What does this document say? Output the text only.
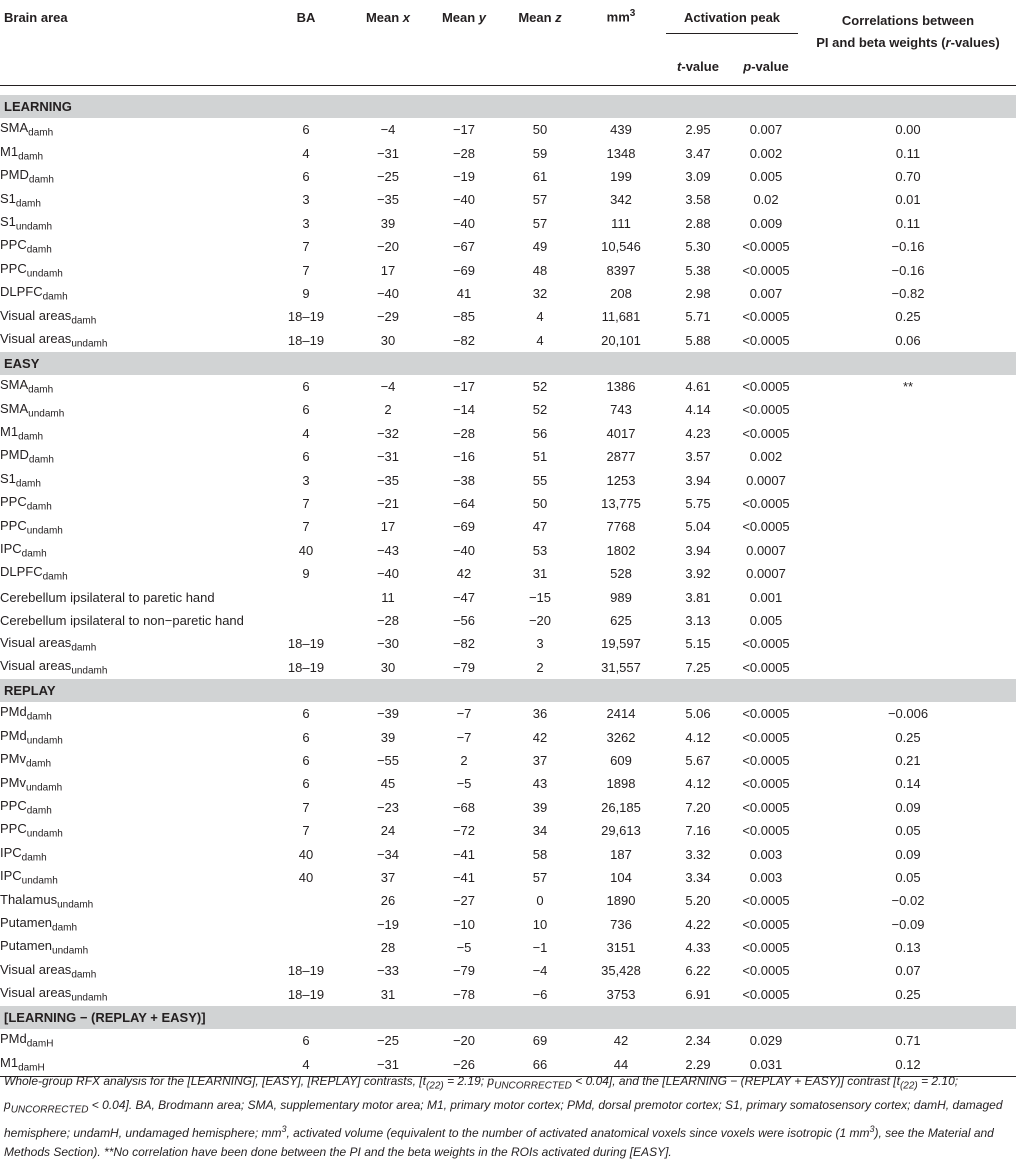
Brain area	BA	Mean x	Mean y	Mean z	$mm^3$	Activation peak		Correlations between
PI and beta weights (r-values)
						t-value	p-value	

LEARNING								
$SMA_{damh}$	6	−4	−17	50	439	2.95	0.007	0.00
$M1_{damh}$	4	−31	−28	59	1348	3.47	0.002	0.11
$PMD_{damh}$	6	−25	−19	61	199	3.09	0.005	0.70
$S1_{damh}$	3	−35	−40	57	342	3.58	0.02	0.01
$S1_{undamh}$	3	39	−40	57	111	2.88	0.009	0.11
$PPC_{damh}$	7	−20	−67	49	10,546	5.30	<0.0005	−0.16
$PPC_{undamh}$	7	17	−69	48	8397	5.38	<0.0005	−0.16
$DLPFC_{damh}$	9	−40	41	32	208	2.98	0.007	−0.82
Visual areas$_{damh}$	18–19	−29	−85	4	11,681	5.71	<0.0005	0.25
Visual areas$_{undamh}$	18–19	30	−82	4	20,101	5.88	<0.0005	0.06
EASY								
$SMA_{damh}$	6	−4	−17	52	1386	4.61	<0.0005	**
$SMA_{undamh}$	6	2	−14	52	743	4.14	<0.0005	
$M1_{damh}$	4	−32	−28	56	4017	4.23	<0.0005	
$PMD_{damh}$	6	−31	−16	51	2877	3.57	0.002	
$S1_{damh}$	3	−35	−38	55	1253	3.94	0.0007	
$PPC_{damh}$	7	−21	−64	50	13,775	5.75	<0.0005	
$PPC_{undamh}$	7	17	−69	47	7768	5.04	<0.0005	
$IPC_{damh}$	40	−43	−40	53	1802	3.94	0.0007	
$DLPFC_{damh}$	9	−40	42	31	528	3.92	0.0007	
Cerebellum ipsilateral to paretic hand		11	−47	−15	989	3.81	0.001	
Cerebellum ipsilateral to non−paretic hand		−28	−56	−20	625	3.13	0.005	
Visual areas$_{damh}$	18–19	−30	−82	3	19,597	5.15	<0.0005	
Visual areas$_{undamh}$	18–19	30	−79	2	31,557	7.25	<0.0005	
REPLAY								
PMd$_{damh}$	6	−39	−7	36	2414	5.06	<0.0005	−0.006
PMd$_{undamh}$	6	39	−7	42	3262	4.12	<0.0005	0.25
PMv$_{damh}$	6	−55	2	37	609	5.67	<0.0005	0.21
PMv$_{undamh}$	6	45	−5	43	1898	4.12	<0.0005	0.14
$PPC_{damh}$	7	−23	−68	39	26,185	7.20	<0.0005	0.09
$PPC_{undamh}$	7	24	−72	34	29,613	7.16	<0.0005	0.05
$IPC_{damh}$	40	−34	−41	58	187	3.32	0.003	0.09
$IPC_{undamh}$	40	37	−41	57	104	3.34	0.003	0.05
Thalamus$_{undamh}$		26	−27	0	1890	5.20	<0.0005	−0.02
Putamen$_{damh}$		−19	−10	10	736	4.22	<0.0005	−0.09
Putamen$_{undamh}$		28	−5	−1	3151	4.33	<0.0005	0.13
Visual areas$_{damh}$	18–19	−33	−79	−4	35,428	6.22	<0.0005	0.07
Visual areas$_{undamh}$	18–19	31	−78	−6	3753	6.91	<0.0005	0.25
[LEARNING − (REPLAY + EASY)]								
PMd$_{damH}$	6	−25	−20	69	42	2.34	0.029	0.71
$M1_{damH}$	4	−31	−26	66	44	2.29	0.031	0.12
Whole-group RFX analysis for the [LEARNING], [EASY], [REPLAY] contrasts, [$t_{(22)} = 2.19$; $p_{UNCORRECTED} < 0.04$], and the [LEARNING − (REPLAY + EASY)] contrast [$t_{(22)} = 2.10$; $p_{UNCORRECTED} < 0.04$]. BA, Brodmann area; SMA, supplementary motor area; M1, primary motor cortex; PMd, dorsal premotor cortex; S1, primary somatosensory cortex; damH, damaged hemisphere; undamH, undamaged hemisphere; $mm^3$, activated volume (equivalent to the number of activated anatomical voxels since voxels were isotropic (1 $mm^3$), see the Material and Methods Section). **No correlation have been done between the PI and the beta weights in the ROIs activated during [EASY].
